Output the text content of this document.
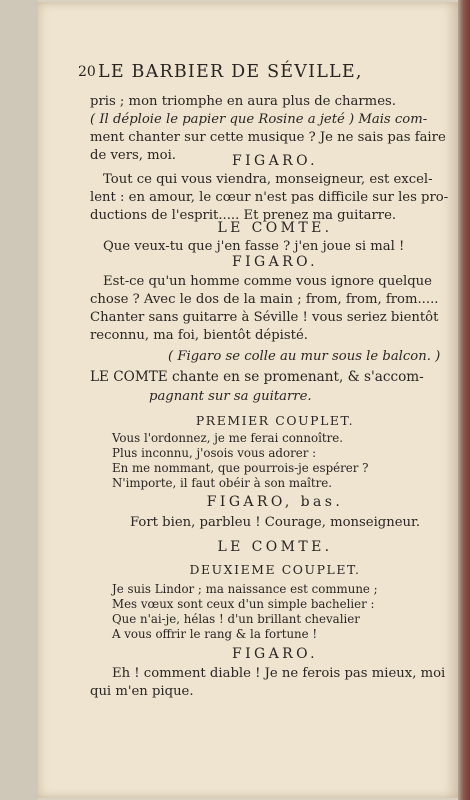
20 LE BARBIER DE SÉVILLE,
pris ; mon triomphe en aura plus de charmes.
( Il déploie le papier que Rosine a jeté ) Mais com-
ment chanter sur cette musique ? Je ne sais pas faire
de vers, moi.	FIGARO.
Tout ce qui vous viendra, monseigneur, est excel-
lent : en amour, le cœur n'est pas difficile sur les pro-
ductions de l'esprit..... Et prenez ma guitarre.
LE COMTE.
Que veux-tu que j'en fasse ? j'en joue si mal !
FIGARO.
Est-ce qu'un homme comme vous ignore quelque
chose ? Avec le dos de la main ; from, from, from.....
Chanter sans guitarre à Séville ! vous seriez bientôt
reconnu, ma foi, bientôt dépisté.
( Figaro se colle au mur sous le balcon. )
LE COMTE chante en se promenant, & s'accom-
pagnant sur sa guitarre.
PREMIER COUPLET.
Vous l'ordonnez, je me ferai connoître.
Plus inconnu, j'osois vous adorer :
En me nommant, que pourrois-je espérer ?
N'importe, il faut obéir à son maître.
FIGARO, bas.
Fort bien, parbleu ! Courage, monseigneur.
LE COMTE.
DEUXIEME COUPLET.
Je suis Lindor ; ma naissance est commune ;
Mes vœux sont ceux d'un simple bachelier :
Que n'ai-je, hélas ! d'un brillant chevalier
A vous offrir le rang & la fortune !
FIGARO.
Eh ! comment diable ! Je ne ferois pas mieux, moi
qui m'en pique.
